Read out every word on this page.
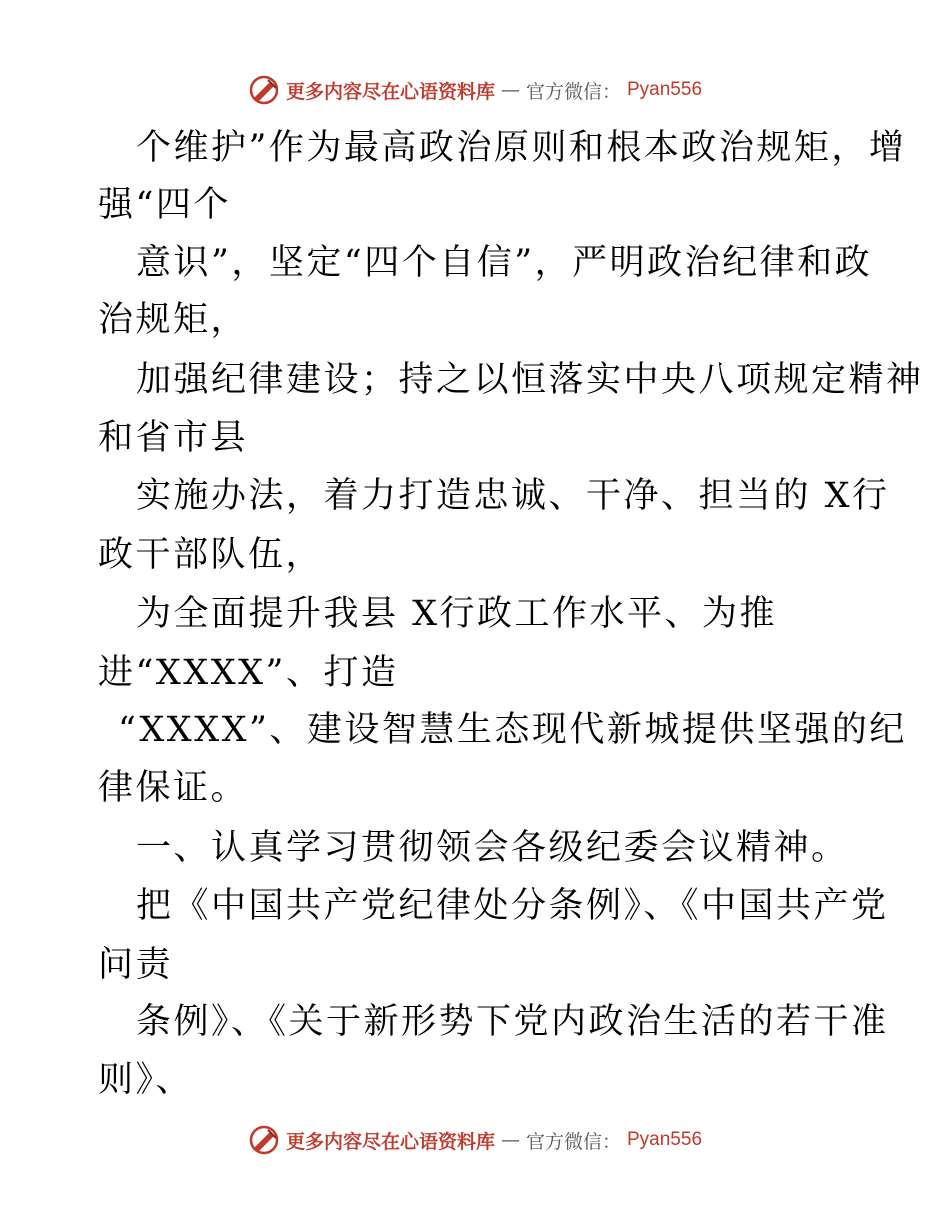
更多内容尽在心语资料库 — 官方微信： Pyan556
个维护”作为最高政治原则和根本政治规矩，增
强“四个
意识”，坚定“四个自信”，严明政治纪律和政
治规矩，
加强纪律建设；持之以恒落实中央八项规定精神
和省市县
实施办法，着力打造忠诚、干净、担当的 X行
政干部队伍，
为全面提升我县 X行政工作水平、为推
进“XXXX”、打造
“XXXX”、建设智慧生态现代新城提供坚强的纪
律保证。
一、认真学习贯彻领会各级纪委会议精神。
把《中国共产党纪律处分条例》、《中国共产党
问责
条例》、《关于新形势下党内政治生活的若干准
则》、
更多内容尽在心语资料库 — 官方微信： Pyan556
